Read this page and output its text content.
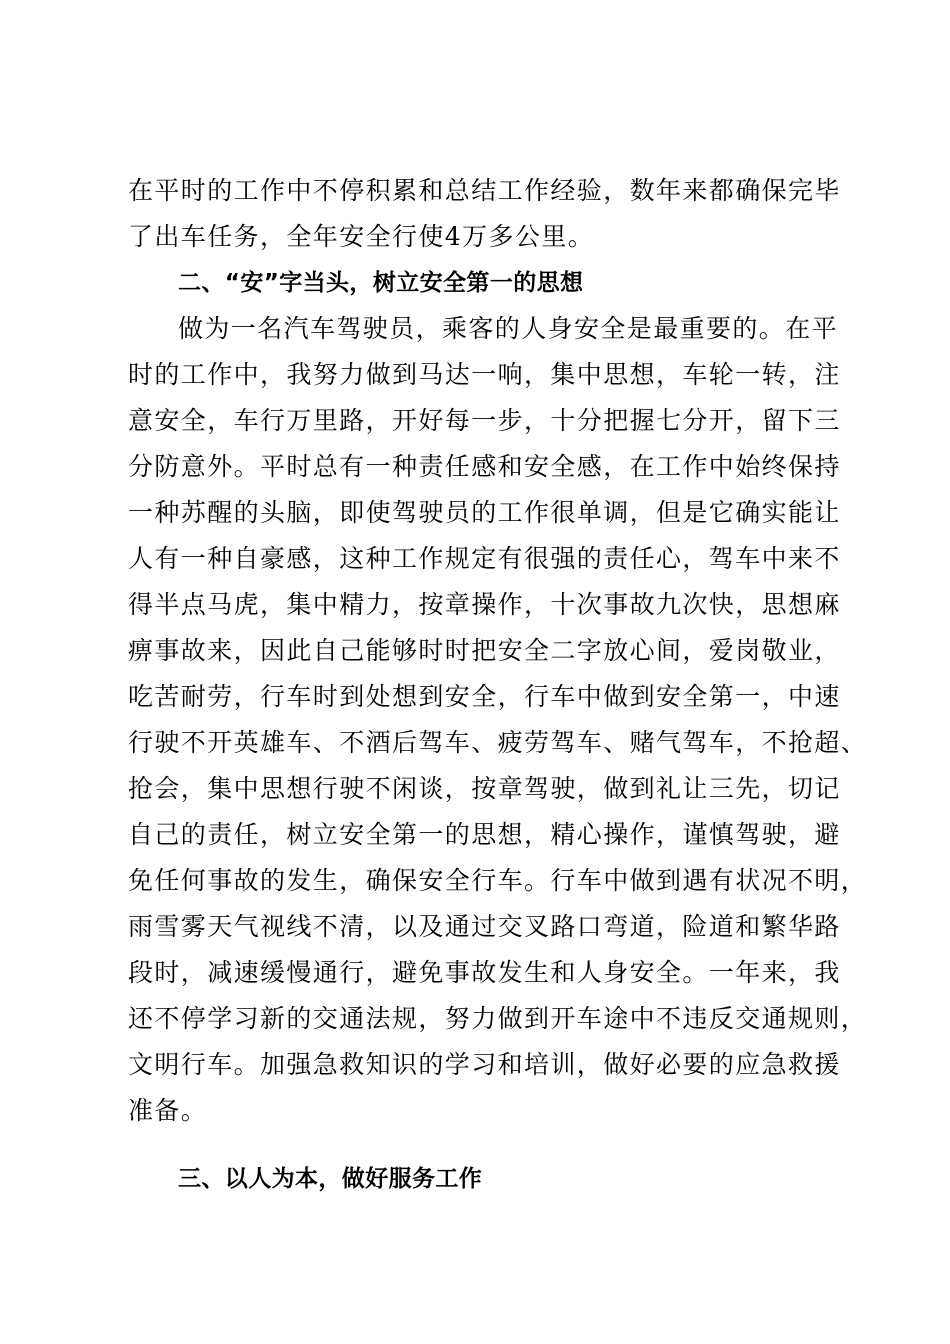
在平时的工作中不停积累和总结工作经验，数年来都确保完毕
了出车任务，全年安全行使4万多公里。
二、“安”字当头，树立安全第一的思想
做为一名汽车驾驶员，乘客的人身安全是最重要的。在平
时的工作中，我努力做到马达一响，集中思想，车轮一转，注
意安全，车行万里路，开好每一步，十分把握七分开，留下三
分防意外。平时总有一种责任感和安全感，在工作中始终保持
一种苏醒的头脑，即使驾驶员的工作很单调，但是它确实能让
人有一种自豪感，这种工作规定有很强的责任心，驾车中来不
得半点马虎，集中精力，按章操作，十次事故九次快，思想麻
痹事故来，因此自己能够时时把安全二字放心间，爱岗敬业，
吃苦耐劳，行车时到处想到安全，行车中做到安全第一，中速
行驶不开英雄车、不酒后驾车、疲劳驾车、赌气驾车，不抢超、
抢会，集中思想行驶不闲谈，按章驾驶，做到礼让三先，切记
自己的责任，树立安全第一的思想，精心操作，谨慎驾驶，避
免任何事故的发生，确保安全行车。行车中做到遇有状况不明，
雨雪雾天气视线不清，以及通过交叉路口弯道，险道和繁华路
段时，减速缓慢通行，避免事故发生和人身安全。一年来，我
还不停学习新的交通法规，努力做到开车途中不违反交通规则，
文明行车。加强急救知识的学习和培训，做好必要的应急救援
准备。
三、以人为本，做好服务工作
